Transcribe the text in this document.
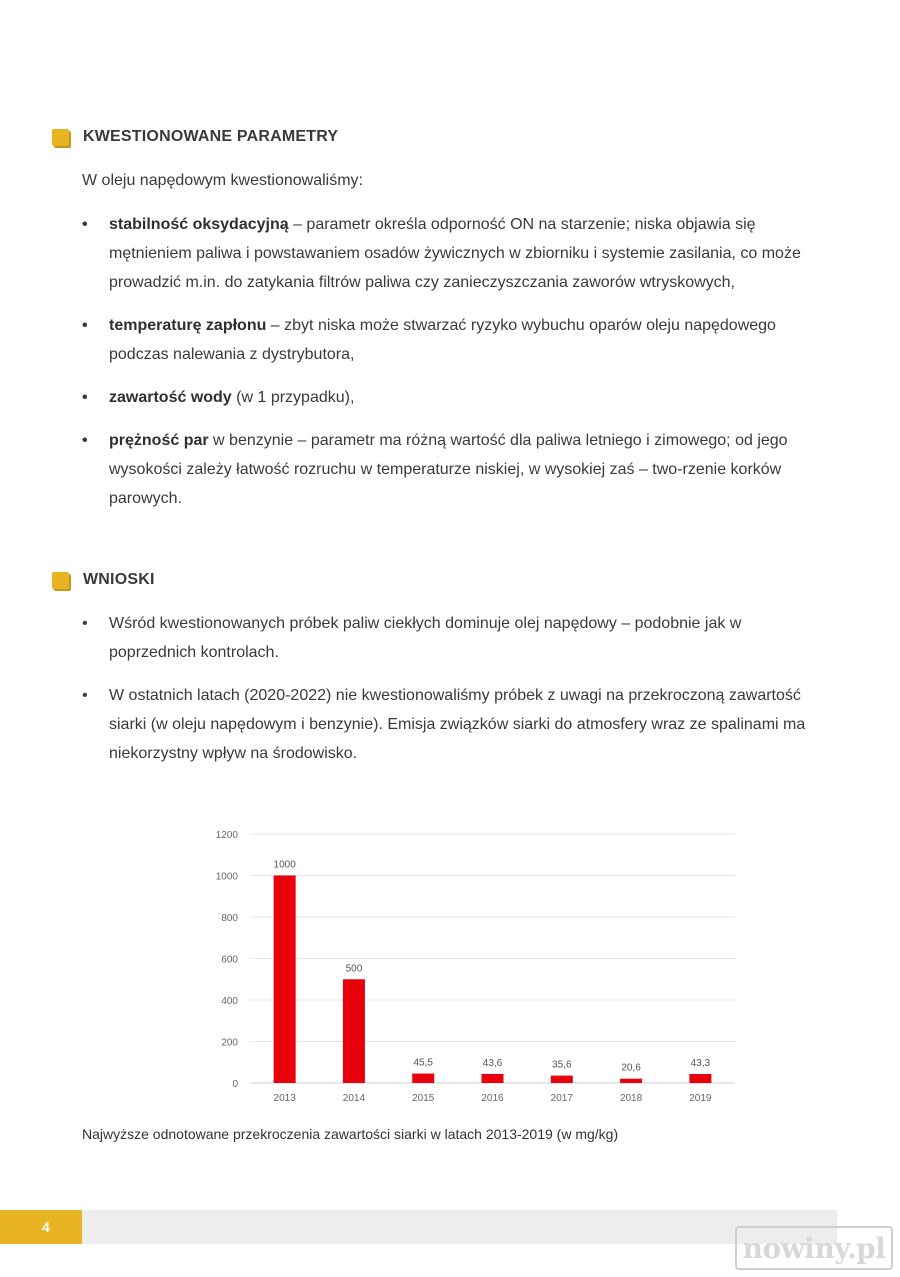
KWESTIONOWANE PARAMETRY
W oleju napędowym kwestionowaliśmy:
• stabilność oksydacyjną – parametr określa odporność ON na starzenie; niska objawia się mętnieniem paliwa i powstawaniem osadów żywicznych w zbiorniku i systemie zasilania, co może prowadzić m.in. do zatykania filtrów paliwa czy zanieczyszczania zaworów wtryskowych,
• temperaturę zapłonu – zbyt niska może stwarzać ryzyko wybuchu oparów oleju napędowego podczas nalewania z dystrybutora,
• zawartość wody (w 1 przypadku),
• prężność par w benzynie – parametr ma różną wartość dla paliwa letniego i zimowego; od jego wysokości zależy łatwość rozruchu w temperaturze niskiej, w wysokiej zaś – two-rzenie korków parowych.
WNIOSKI
• Wśród kwestionowanych próbek paliw ciekłych dominuje olej napędowy – podobnie jak w poprzednich kontrolach.
• W ostatnich latach (2020-2022) nie kwestionowaliśmy próbek z uwagi na przekroczoną zawartość siarki (w oleju napędowym i benzynie). Emisja związków siarki do atmosfery wraz ze spalinami ma niekorzystny wpływ na środowisko.
0
200
400
600
800
1000
1200
1000
2013
500
2014
45,5
2015
43,6
2016
35,6
2017
20,6
2018
43,3
2019
Najwyższe odnotowane przekroczenia zawartości siarki w latach 2013-2019 (w mg/kg)
4
nowiny.pl
